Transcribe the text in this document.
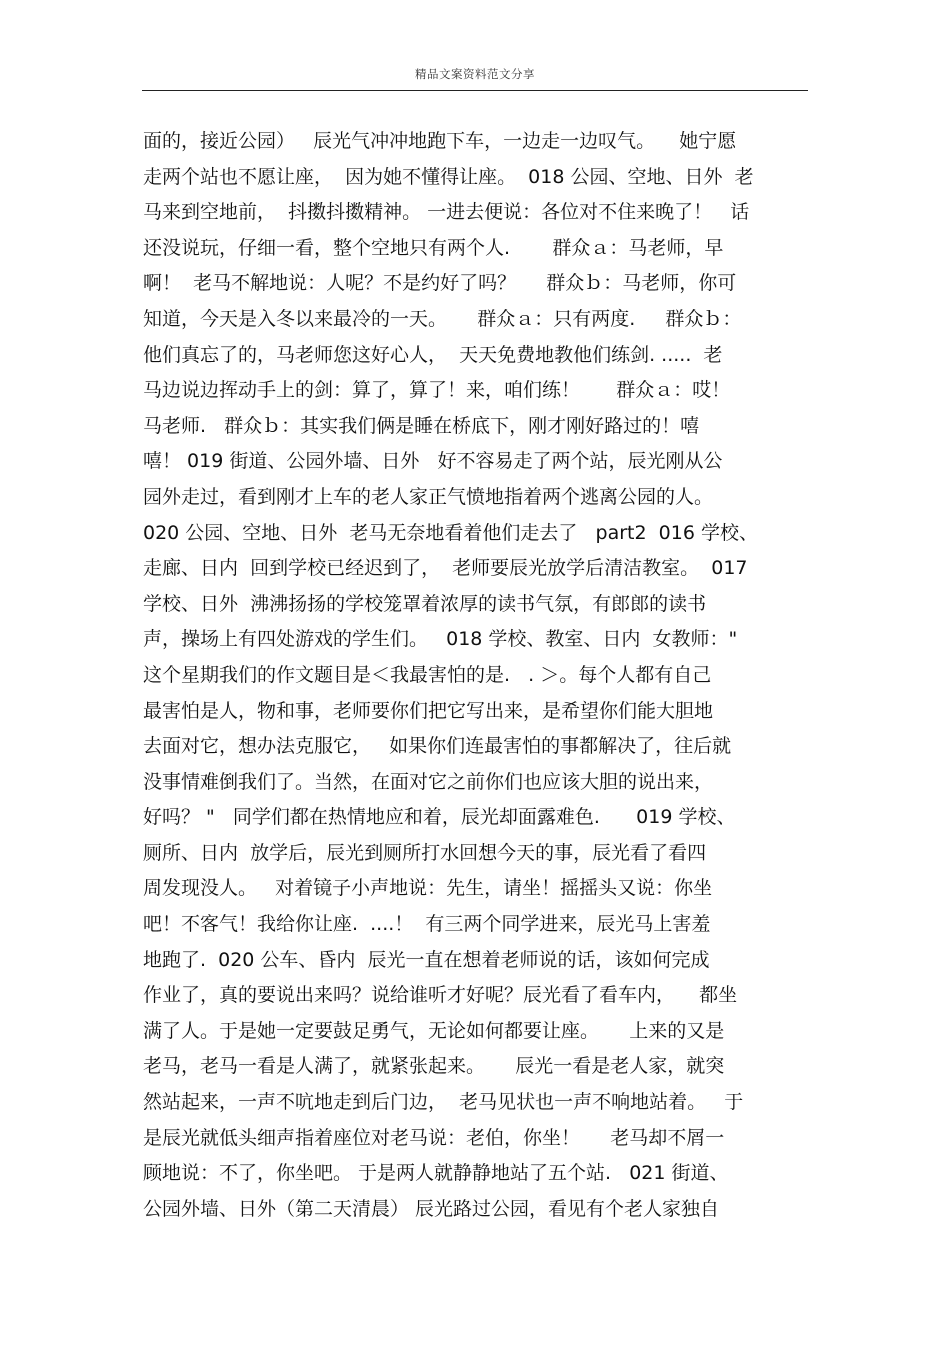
精品文案资料范文分享
面的，接近公园）   辰光气冲冲地跑下车，一边走一边叹气。    她宁愿
走两个站也不愿让座，  因为她不懂得让座。  018 公园、空地、日外  老
马来到空地前，  抖擞抖擞精神。 一进去便说：各位对不住来晚了！   话
还没说玩，仔细一看，整个空地只有两个人.       群众ａ：马老师，早
啊！  老马不解地说：人呢？不是约好了吗？     群众ｂ：马老师，你可
知道，今天是入冬以来最冷的一天。     群众ａ：只有两度.     群众ｂ：
他们真忘了的，马老师您这好心人，  天天免费地教他们练剑. .....  老
马边说边挥动手上的剑：算了，算了！来，咱们练！      群众ａ：哎！
马老师.   群众ｂ：其实我们俩是睡在桥底下，刚才刚好路过的！嘻
嘻！ 019 街道、公园外墙、日外   好不容易走了两个站，辰光刚从公
园外走过，看到刚才上车的老人家正气愤地指着两个逃离公园的人。
020 公园、空地、日外  老马无奈地看着他们走去了   part2  016 学校、
走廊、日内  回到学校已经迟到了，  老师要辰光放学后清洁教室。  017
学校、日外  沸沸扬扬的学校笼罩着浓厚的读书气氛，有郎郎的读书
声，操场上有四处游戏的学生们。   018 学校、教室、日内  女教师："
这个星期我们的作文题目是＜我最害怕的是.   . ＞。每个人都有自己
最害怕是人，物和事，老师要你们把它写出来，是希望你们能大胆地
去面对它，想办法克服它，   如果你们连最害怕的事都解决了，往后就
没事情难倒我们了。当然，在面对它之前你们也应该大胆的说出来，
好吗？ "   同学们都在热情地应和着，辰光却面露难色.      019 学校、
厕所、日内  放学后，辰光到厕所打水回想今天的事，辰光看了看四
周发现没人。   对着镜子小声地说：先生，请坐！摇摇头又说：你坐
吧！不客气！我给你让座.  ....！  有三两个同学进来，辰光马上害羞
地跑了.  020 公车、昏内  辰光一直在想着老师说的话，该如何完成
作业了，真的要说出来吗？说给谁听才好呢？辰光看了看车内，    都坐
满了人。于是她一定要鼓足勇气，无论如何都要让座。     上来的又是
老马，老马一看是人满了，就紧张起来。     辰光一看是老人家，就突
然站起来，一声不吭地走到后门边，  老马见状也一声不响地站着。   于
是辰光就低头细声指着座位对老马说：老伯，你坐！     老马却不屑一
顾地说：不了，你坐吧。 于是两人就静静地站了五个站.   021 街道、
公园外墙、日外（第二天清晨） 辰光路过公园，看见有个老人家独自
